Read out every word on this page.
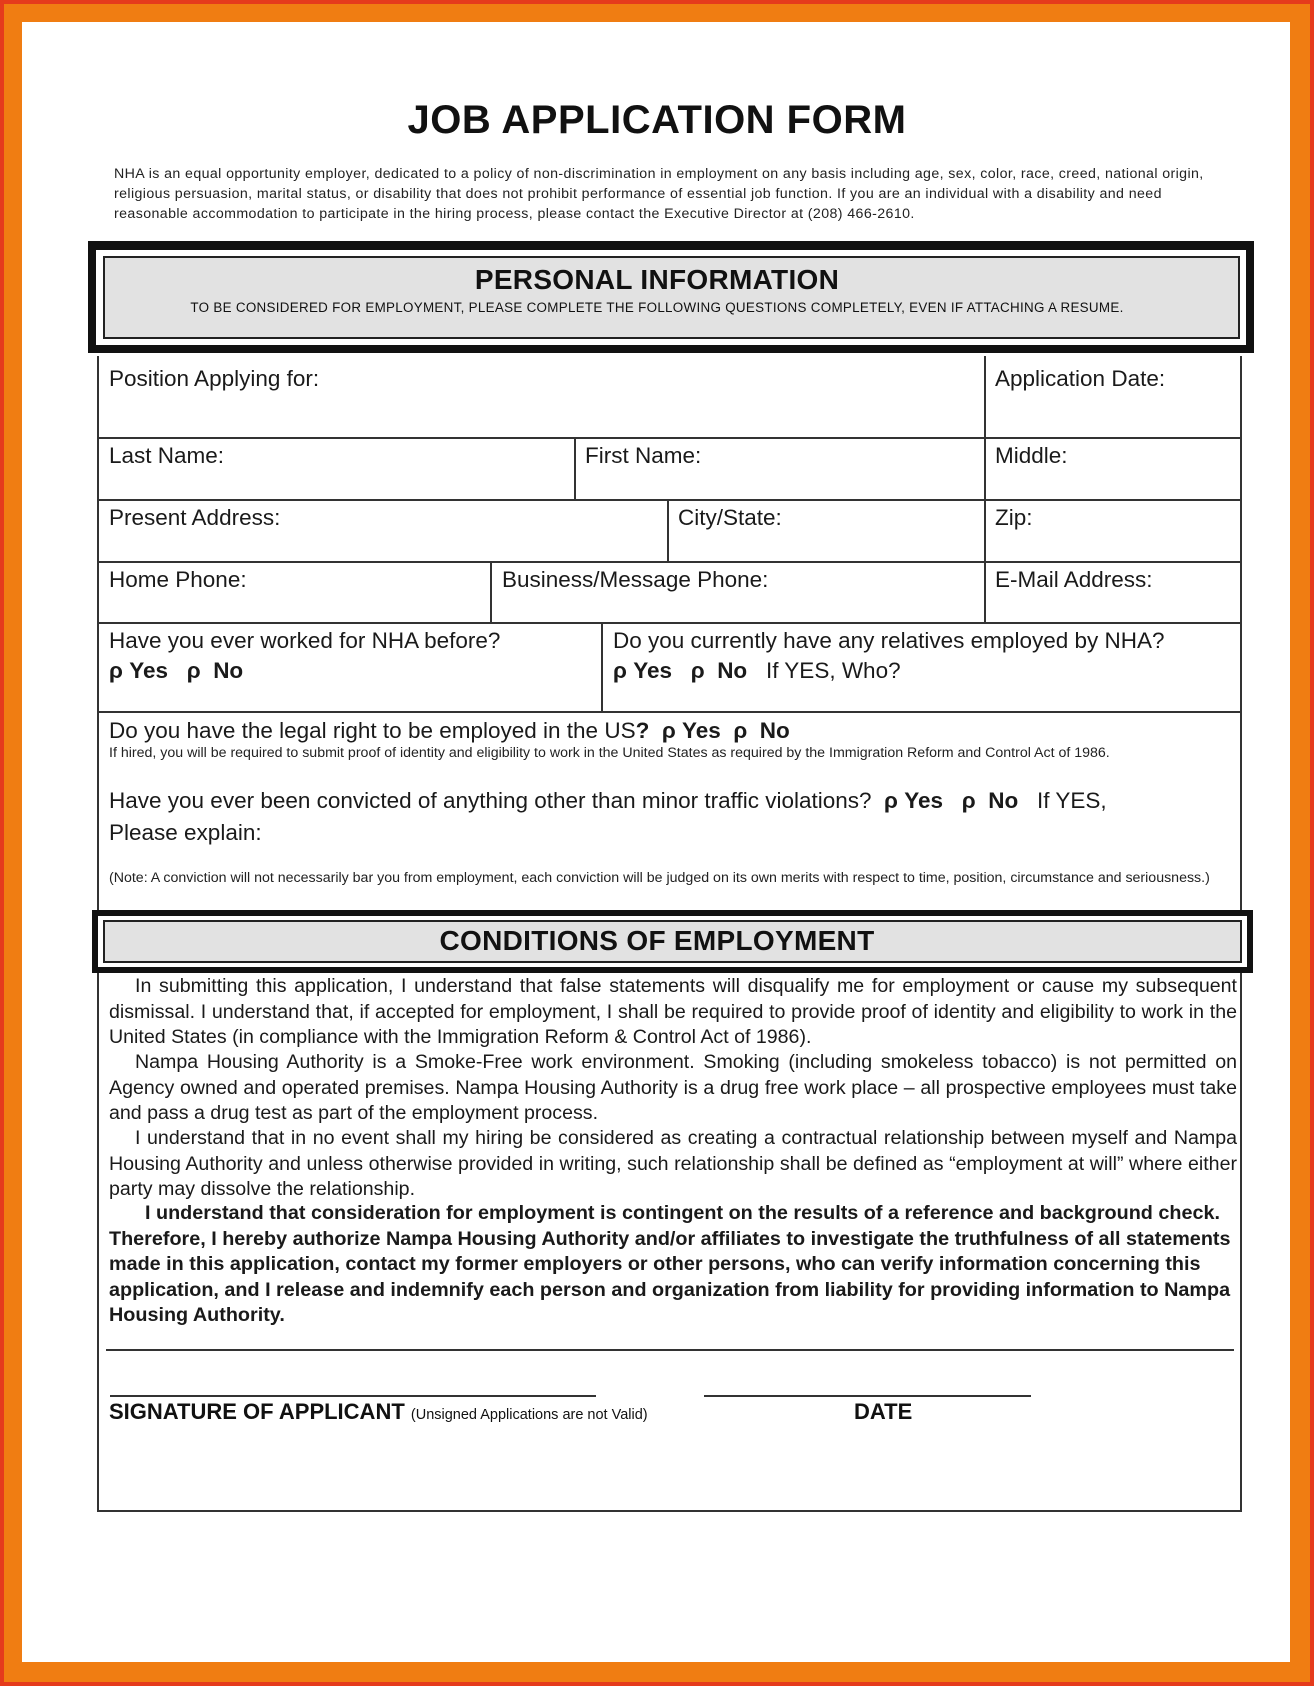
JOB APPLICATION FORM
NHA is an equal opportunity employer, dedicated to a policy of non-discrimination in employment on any basis including age, sex, color, race, creed, national origin, religious persuasion, marital status, or disability that does not prohibit performance of essential job function. If you are an individual with a disability and need reasonable accommodation to participate in the hiring process, please contact the Executive Director at (208) 466-2610.
PERSONAL INFORMATION
TO BE CONSIDERED FOR EMPLOYMENT, PLEASE COMPLETE THE FOLLOWING QUESTIONS COMPLETELY, EVEN IF ATTACHING A RESUME.
Position Applying for:	Application Date:
Last Name:	First Name:	Middle:
Present Address:	City/State:	Zip:
Home Phone:	Business/Message Phone:	E-Mail Address:
Have you ever worked for NHA before?
ρ Yes ρ No
Do you currently have any relatives employed by NHA?
ρ Yes ρ No If YES, Who?
Do you have the legal right to be employed in the US? ρ Yes ρ No
If hired, you will be required to submit proof of identity and eligibility to work in the United States as required by the Immigration Reform and Control Act of 1986.
Have you ever been convicted of anything other than minor traffic violations? ρ Yes ρ No If YES,
Please explain:
(Note: A conviction will not necessarily bar you from employment, each conviction will be judged on its own merits with respect to time, position, circumstance and seriousness.)
CONDITIONS OF EMPLOYMENT
In submitting this application, I understand that false statements will disqualify me for employment or cause my subsequent dismissal. I understand that, if accepted for employment, I shall be required to provide proof of identity and eligibility to work in the United States (in compliance with the Immigration Reform & Control Act of 1986).
Nampa Housing Authority is a Smoke-Free work environment. Smoking (including smokeless tobacco) is not permitted on Agency owned and operated premises. Nampa Housing Authority is a drug free work place – all prospective employees must take and pass a drug test as part of the employment process.
I understand that in no event shall my hiring be considered as creating a contractual relationship between myself and Nampa Housing Authority and unless otherwise provided in writing, such relationship shall be defined as “employment at will” where either party may dissolve the relationship.
I understand that consideration for employment is contingent on the results of a reference and background check. Therefore, I hereby authorize Nampa Housing Authority and/or affiliates to investigate the truthfulness of all statements made in this application, contact my former employers or other persons, who can verify information concerning this application, and I release and indemnify each person and organization from liability for providing information to Nampa Housing Authority.
SIGNATURE OF APPLICANT (Unsigned Applications are not Valid)	DATE
